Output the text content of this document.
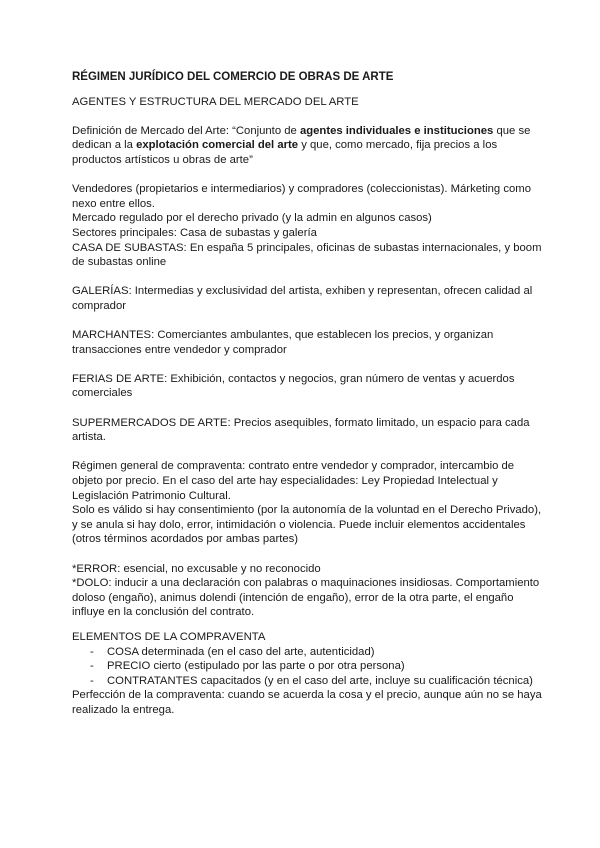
RÉGIMEN JURÍDICO DEL COMERCIO DE OBRAS DE ARTE

AGENTES Y ESTRUCTURA DEL MERCADO DEL ARTE

Definición de Mercado del Arte: “Conjunto de agentes individuales e instituciones que se dedican a la explotación comercial del arte y que, como mercado, fija precios a los productos artísticos u obras de arte”

Vendedores (propietarios e intermediarios) y compradores (coleccionistas). Márketing como nexo entre ellos.

Mercado regulado por el derecho privado (y la admin en algunos casos)

Sectores principales: Casa de subastas y galería

CASA DE SUBASTAS: En españa 5 principales, oficinas de subastas internacionales, y boom de subastas online

GALERÍAS: Intermedias y exclusividad del artista, exhiben y representan, ofrecen calidad al comprador

MARCHANTES: Comerciantes ambulantes, que establecen los precios, y organizan transacciones entre vendedor y comprador

FERIAS DE ARTE: Exhibición, contactos y negocios, gran número de ventas y acuerdos comerciales

SUPERMERCADOS DE ARTE: Precios asequibles, formato limitado, un espacio para cada artista.

Régimen general de compraventa: contrato entre vendedor y comprador, intercambio de objeto por precio. En el caso del arte hay especialidades: Ley Propiedad Intelectual y Legislación Patrimonio Cultural.

Solo es válido si hay consentimiento (por la autonomía de la voluntad en el Derecho Privado), y se anula si hay dolo, error, intimidación o violencia. Puede incluir elementos accidentales (otros términos acordados por ambas partes)

*ERROR: esencial, no excusable y no reconocido

*DOLO: inducir a una declaración con palabras o maquinaciones insidiosas. Comportamiento doloso (engaño), animus dolendi (intención de engaño), error de la otra parte, el engaño influye en la conclusión del contrato.

ELEMENTOS DE LA COMPRAVENTA

- COSA determinada (en el caso del arte, autenticidad)
- PRECIO cierto (estipulado por las parte o por otra persona)
- CONTRATANTES capacitados (y en el caso del arte, incluye su cualificación técnica)

Perfección de la compraventa: cuando se acuerda la cosa y el precio, aunque aún no se haya realizado la entrega.
